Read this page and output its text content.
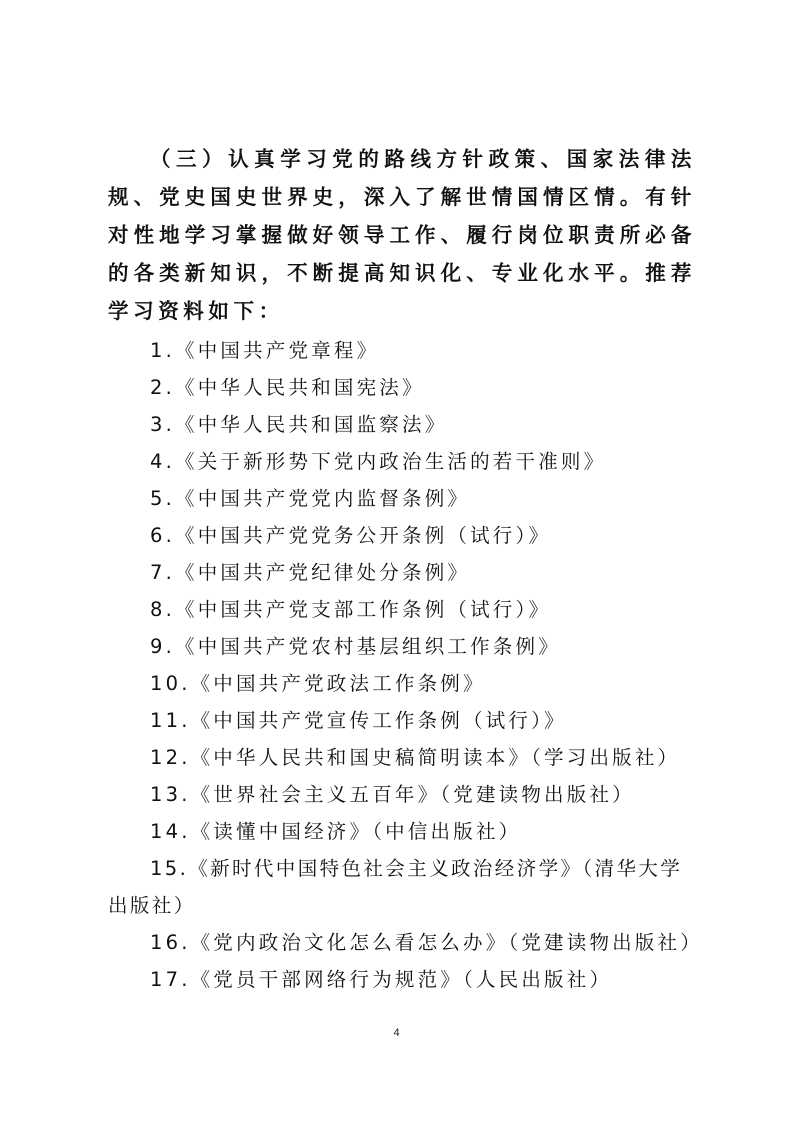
（三）认真学习党的路线方针政策、国家法律法规、党史国史世界史，深入了解世情国情区情。有针对性地学习掌握做好领导工作、履行岗位职责所必备的各类新知识，不断提高知识化、专业化水平。推荐学习资料如下：

1.《中国共产党章程》

2.《中华人民共和国宪法》

3.《中华人民共和国监察法》

4.《关于新形势下党内政治生活的若干准则》

5.《中国共产党党内监督条例》

6.《中国共产党党务公开条例（试行）》

7.《中国共产党纪律处分条例》

8.《中国共产党支部工作条例（试行）》

9.《中国共产党农村基层组织工作条例》

10.《中国共产党政法工作条例》

11.《中国共产党宣传工作条例（试行）》

12.《中华人民共和国史稿简明读本》（学习出版社）

13.《世界社会主义五百年》（党建读物出版社）

14.《读懂中国经济》（中信出版社）

15.《新时代中国特色社会主义政治经济学》（清华大学出版社）

16.《党内政治文化怎么看怎么办》（党建读物出版社）

17.《党员干部网络行为规范》（人民出版社）

4
